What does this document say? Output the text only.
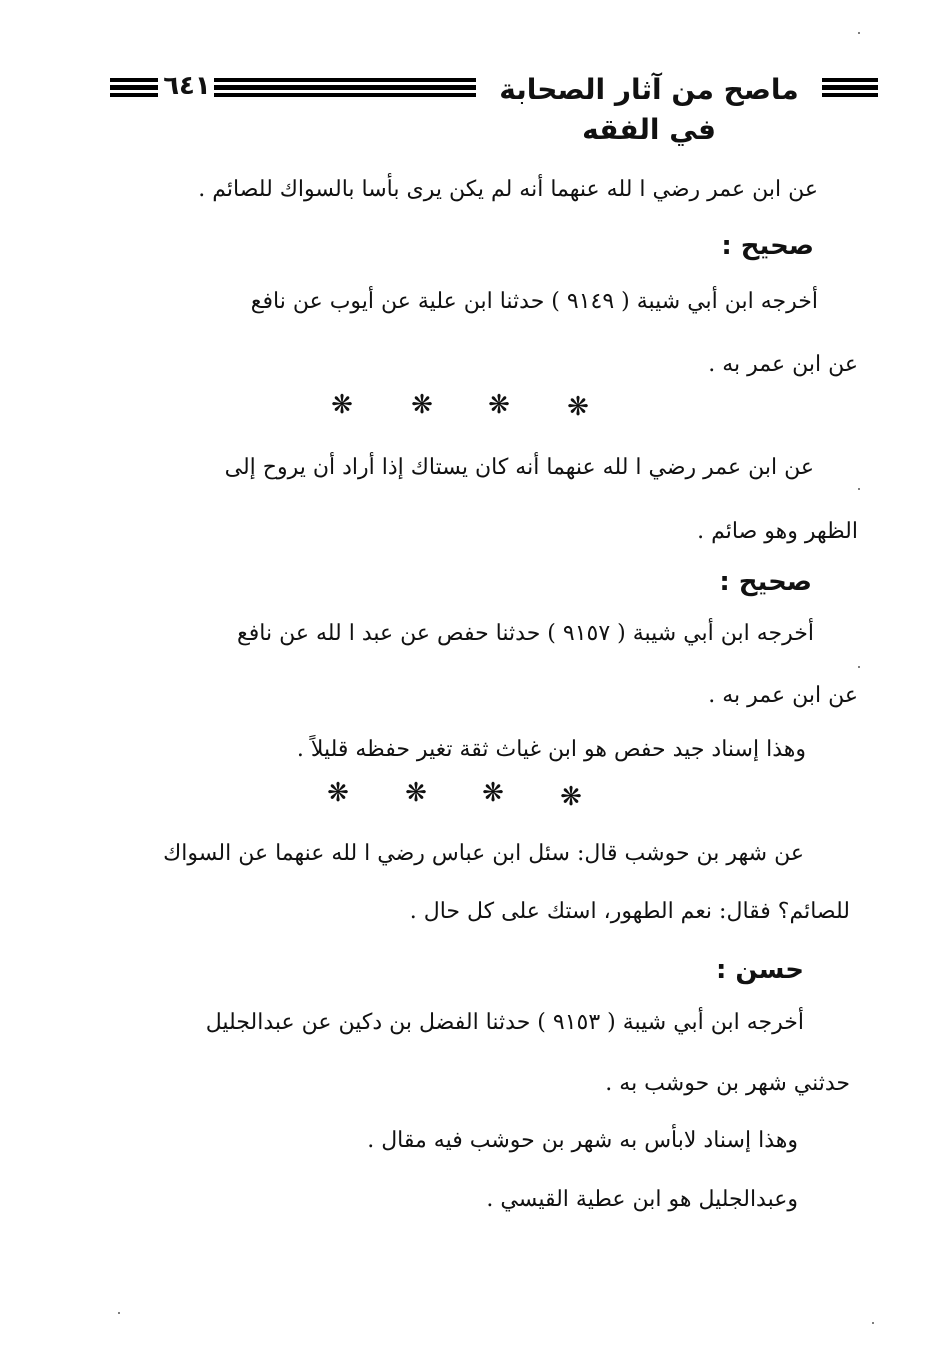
٦٤١	ماصح من آثار الصحابة في الفقه
عن ابن عمر رضي ا لله عنهما أنه لم يكن يرى بأسا بالسواك للصائم .
صحيح :
أخرجه ابن أبي شيبة ( ٩١٤٩ ) حدثنا ابن علية عن أيوب عن نافع
عن ابن عمر به .
❋ ❋ ❋ ❋
عن ابن عمر رضي ا لله عنهما أنه كان يستاك إذا أراد أن يروح إلى
الظهر وهو صائم .
صحيح :
أخرجه ابن أبي شيبة ( ٩١٥٧ ) حدثنا حفص عن عبد ا لله عن نافع
عن ابن عمر به .
وهذا إسناد جيد حفص هو ابن غياث ثقة تغير حفظه قليلاً .
❋ ❋ ❋ ❋
عن شهر بن حوشب قال: سئل ابن عباس رضي ا لله عنهما عن السواك
للصائم؟ فقال: نعم الطهور، استك على كل حال .
حسن :
أخرجه ابن أبي شيبة ( ٩١٥٣ ) حدثنا الفضل بن دكين عن عبدالجليل
حدثني شهر بن حوشب به .
وهذا إسناد لابأس به شهر بن حوشب فيه مقال .
وعبدالجليل هو ابن عطية القيسي .
